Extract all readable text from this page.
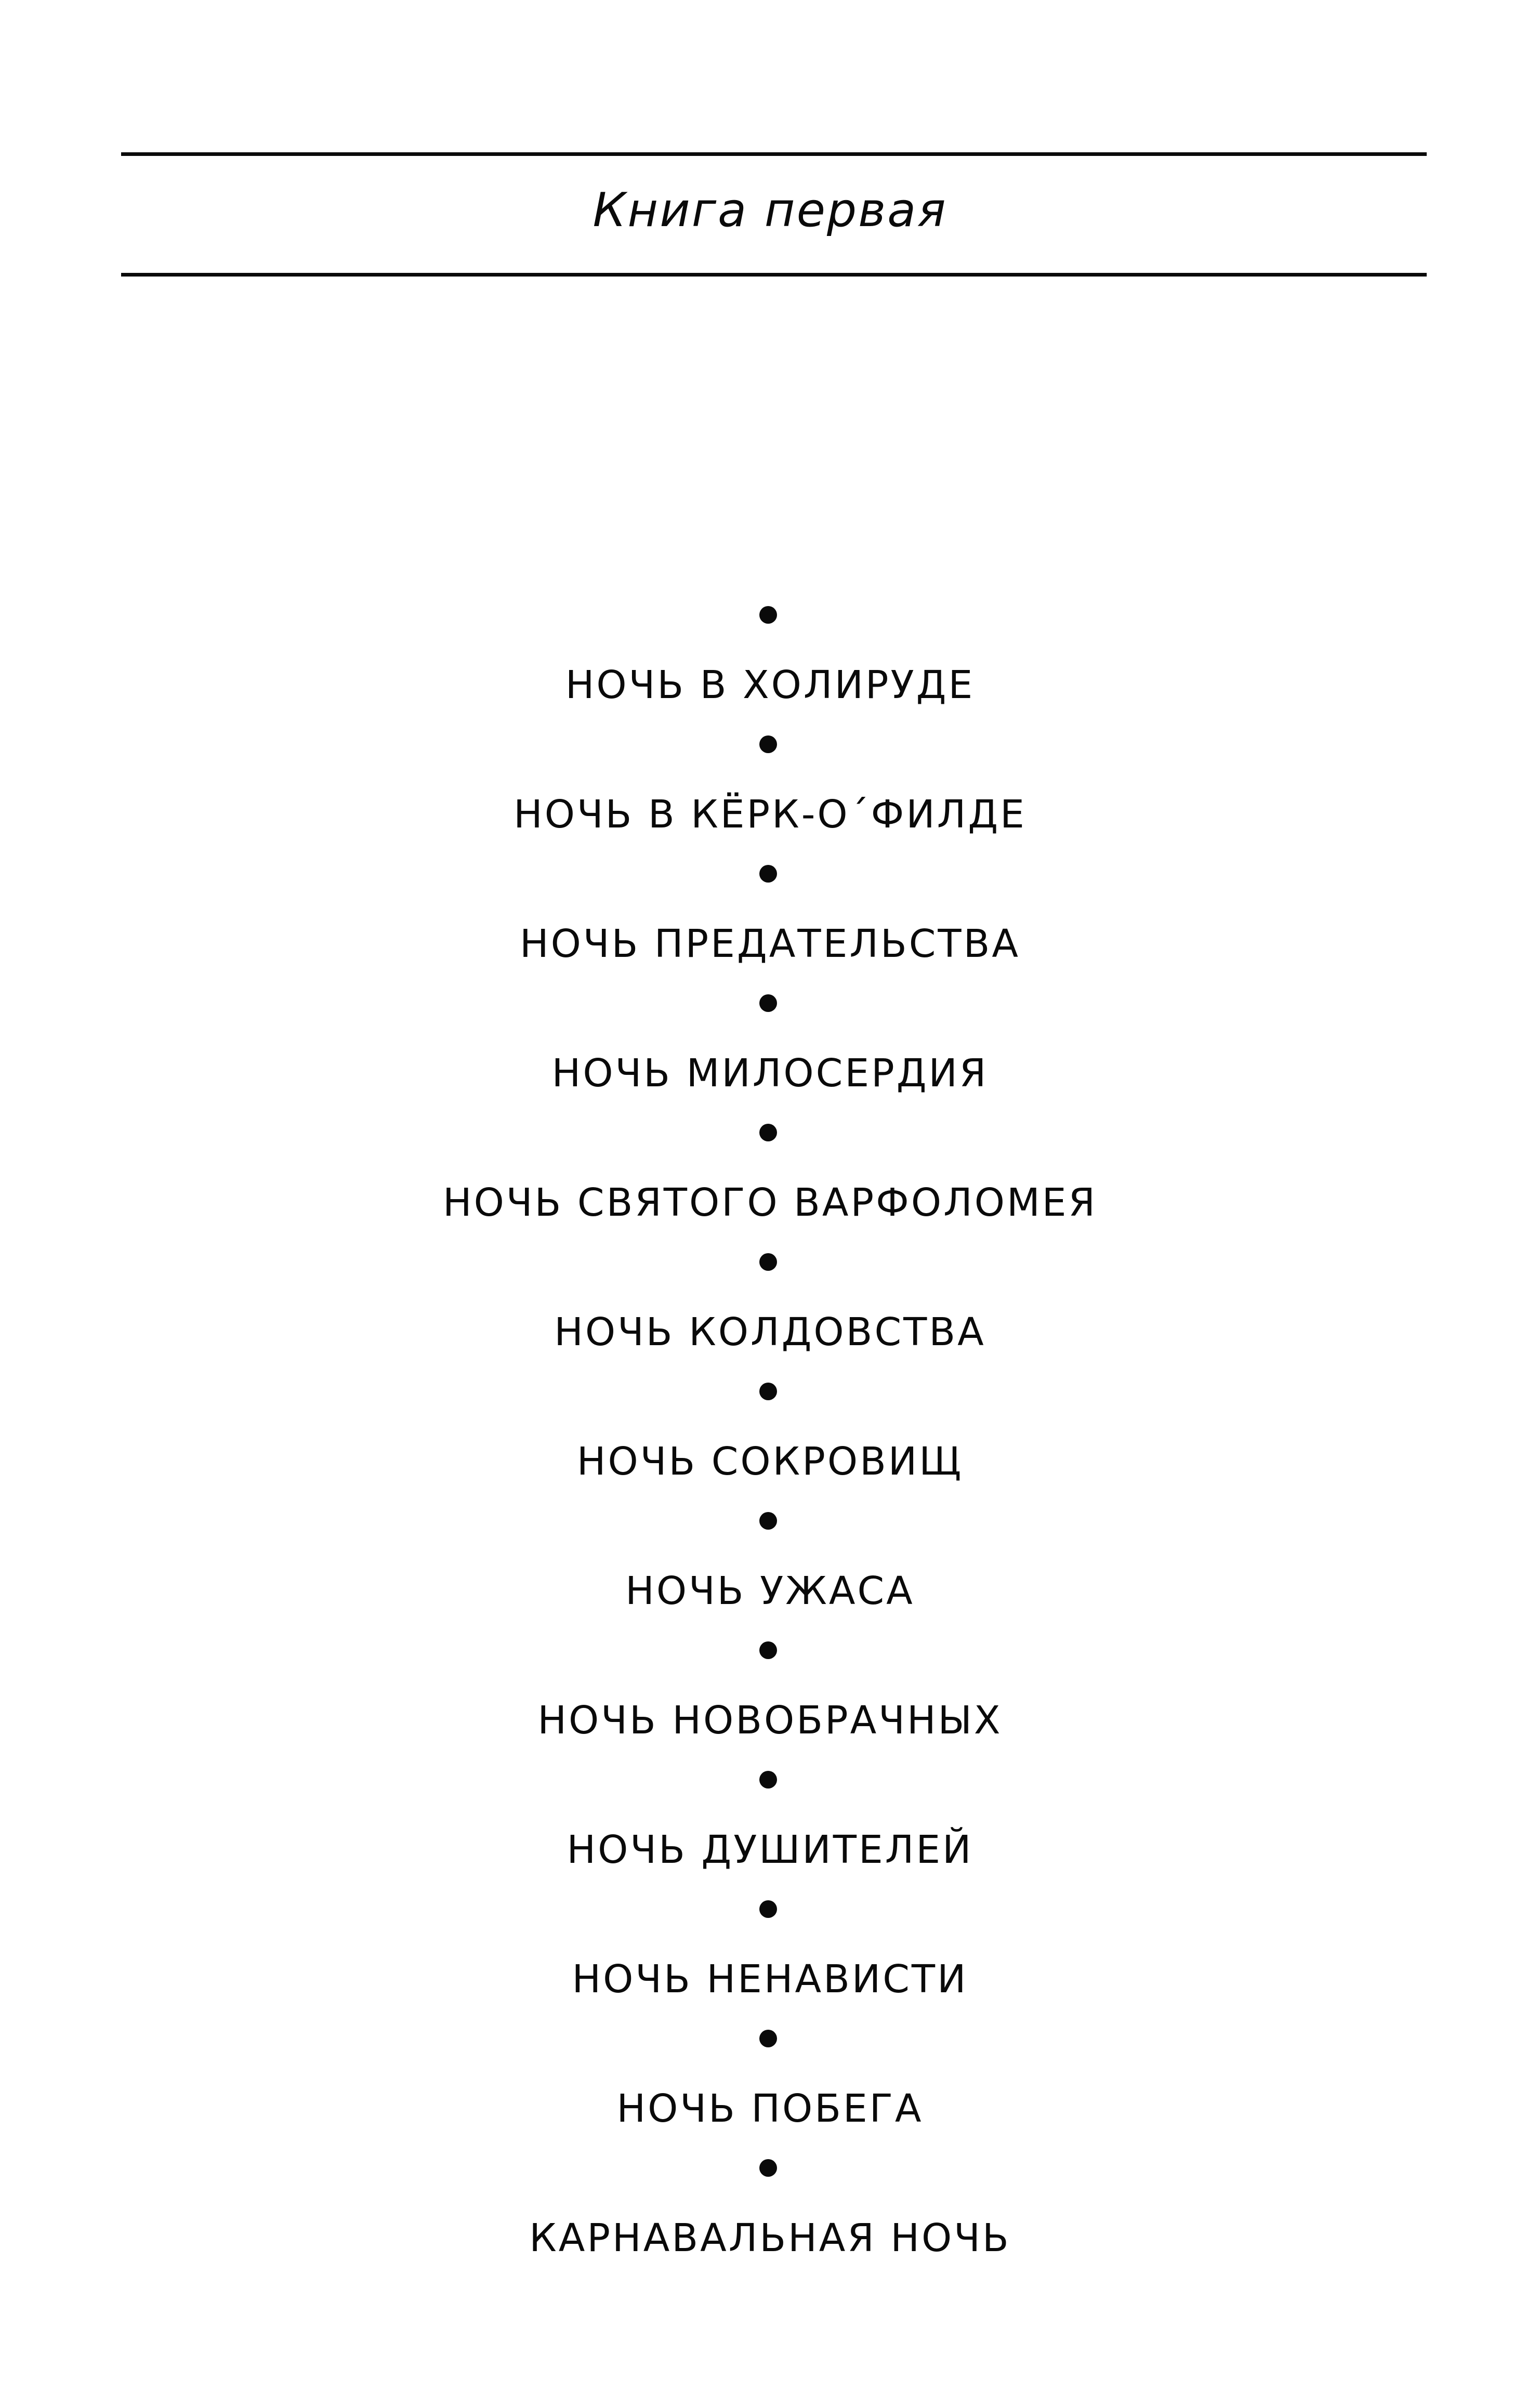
Книга первая
НОЧЬ В ХОЛИРУДЕ
НОЧЬ В КЁРК-О´ФИЛДЕ
НОЧЬ ПРЕДАТЕЛЬСТВА
НОЧЬ МИЛОСЕРДИЯ
НОЧЬ СВЯТОГО ВАРФОЛОМЕЯ
НОЧЬ КОЛДОВСТВА
НОЧЬ СОКРОВИЩ
НОЧЬ УЖАСА
НОЧЬ НОВОБРАЧНЫХ
НОЧЬ ДУШИТЕЛЕЙ
НОЧЬ НЕНАВИСТИ
НОЧЬ ПОБЕГА
КАРНАВАЛЬНАЯ НОЧЬ
